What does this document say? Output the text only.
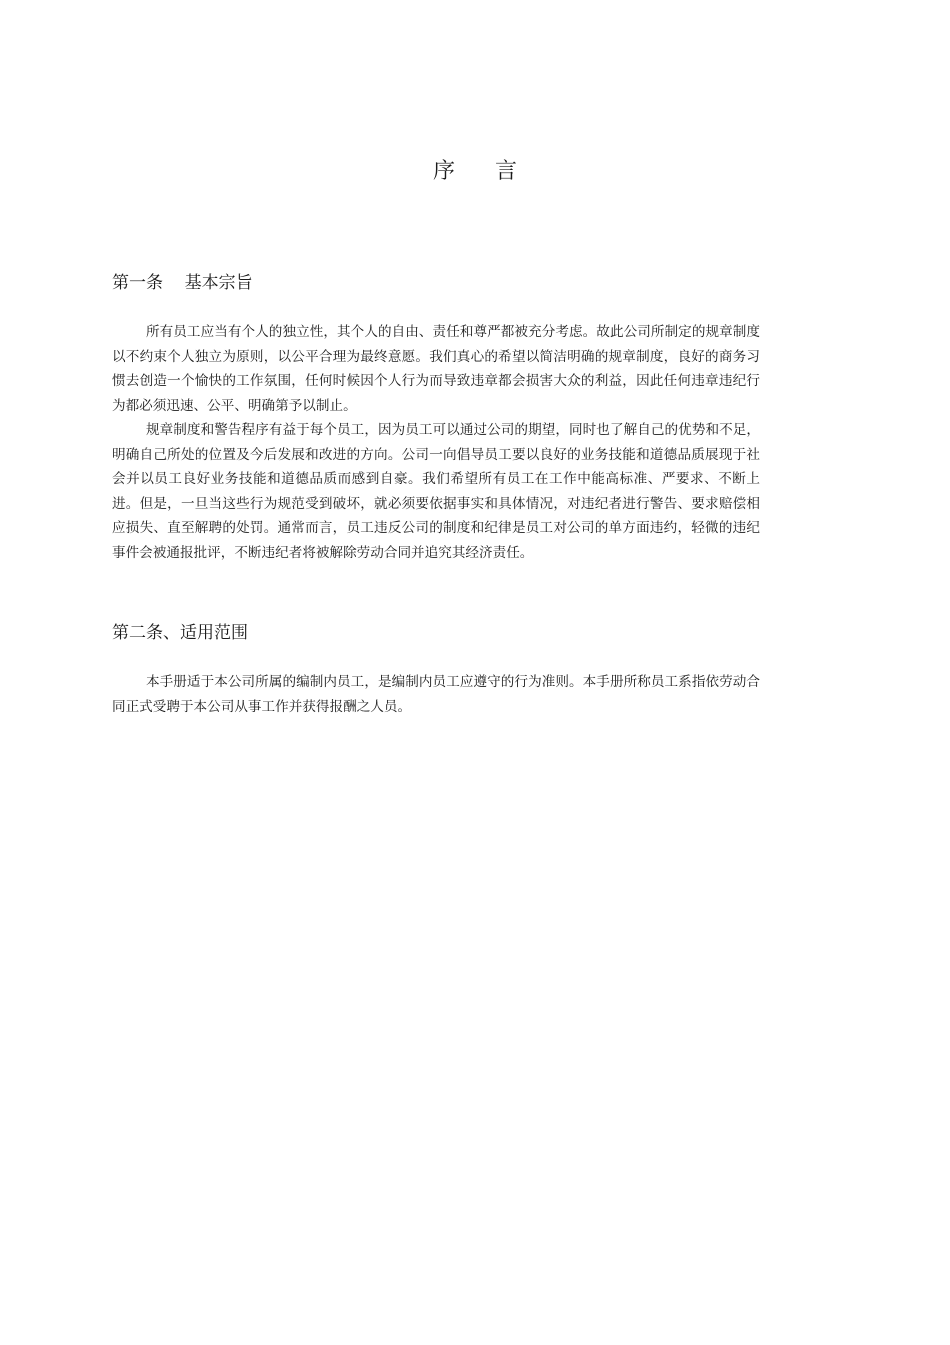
序言
第一条    基本宗旨

所有员工应当有个人的独立性，其个人的自由、责任和尊严都被充分考虑。故此公司所制定的规章制度以不约束个人独立为原则，以公平合理为最终意愿。我们真心的希望以简洁明确的规章制度，良好的商务习惯去创造一个愉快的工作氛围，任何时候因个人行为而导致违章都会损害大众的利益，因此任何违章违纪行为都必须迅速、公平、明确第予以制止。

规章制度和警告程序有益于每个员工，因为员工可以通过公司的期望，同时也了解自己的优势和不足，明确自己所处的位置及今后发展和改进的方向。公司一向倡导员工要以良好的业务技能和道德品质展现于社会并以员工良好业务技能和道德品质而感到自豪。我们希望所有员工在工作中能高标准、严要求、不断上进。但是，一旦当这些行为规范受到破坏，就必须要依据事实和具体情况，对违纪者进行警告、要求赔偿相应损失、直至解聘的处罚。通常而言，员工违反公司的制度和纪律是员工对公司的单方面违约，轻微的违纪事件会被通报批评，不断违纪者将被解除劳动合同并追究其经济责任。

第二条、适用范围

本手册适于本公司所属的编制内员工，是编制内员工应遵守的行为准则。本手册所称员工系指依劳动合同正式受聘于本公司从事工作并获得报酬之人员。
